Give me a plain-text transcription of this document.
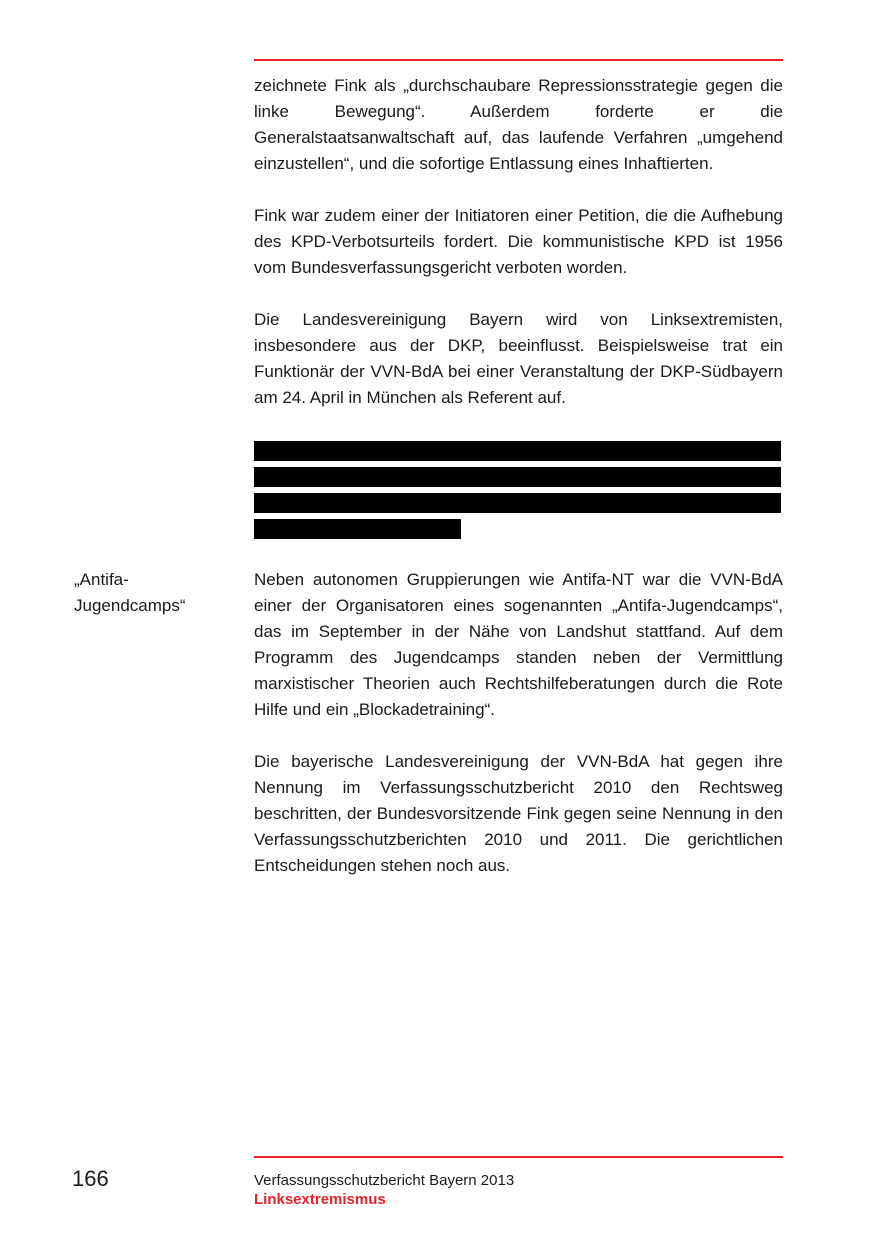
zeichnete Fink als „durchschaubare Repressionsstrategie gegen die linke Bewegung“. Außerdem forderte er die Generalstaatsanwaltschaft auf, das laufende Verfahren „umgehend einzustellen“, und die sofortige Entlassung eines Inhaftierten.

Fink war zudem einer der Initiatoren einer Petition, die die Aufhebung des KPD-Verbotsurteils fordert. Die kommunistische KPD ist 1956 vom Bundesverfassungsgericht verboten worden.

Die Landesvereinigung Bayern wird von Linksextremisten, insbesondere aus der DKP, beeinflusst. Beispielsweise trat ein Funktionär der VVN-BdA bei einer Veranstaltung der DKP-Südbayern am 24. April in München als Referent auf.

„Antifa-
Jugendcamps“

Neben autonomen Gruppierungen wie Antifa-NT war die VVN-BdA einer der Organisatoren eines sogenannten „Antifa-Jugendcamps“, das im September in der Nähe von Landshut stattfand. Auf dem Programm des Jugendcamps standen neben der Vermittlung marxistischer Theorien auch Rechtshilfeberatungen durch die Rote Hilfe und ein „Blockadetraining“.

Die bayerische Landesvereinigung der VVN-BdA hat gegen ihre Nennung im Verfassungsschutzbericht 2010 den Rechtsweg beschritten, der Bundesvorsitzende Fink gegen seine Nennung in den Verfassungsschutzberichten 2010 und 2011. Die gerichtlichen Entscheidungen stehen noch aus.

166	Verfassungsschutzbericht Bayern 2013
Linksextremismus
